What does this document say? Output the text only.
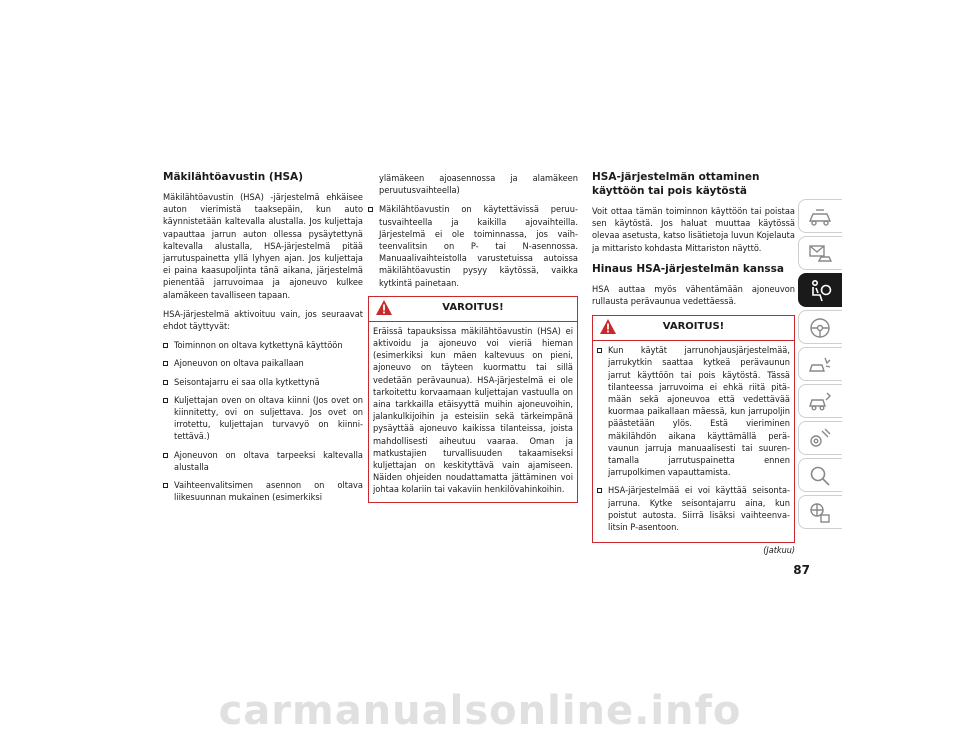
Mäkilähtöavustin (HSA)

Mäkilähtöavustin (HSA) -järjestelmä ehkäisee auton vierimistä taaksepäin, kun auto käynnistetään kaltevalla alustalla. Jos kuljettaja vapauttaa jarrun auton ollessa pysäytettynä kaltevalla alustalla, HSA-järjestelmä pitää jarrutuspainetta yllä lyhyen ajan. Jos kuljettaja ei paina kaasupoljinta tänä aikana, järjestelmä pienentää jarruvoimaa ja ajoneuvo kulkee alamäkeen tavalliseen tapaan.

HSA-järjestelmä aktivoituu vain, jos seuraavat ehdot täyttyvät:

Toiminnon on oltava kytkettynä käyttöön
Ajoneuvon on oltava paikallaan
Seisontajarru ei saa olla kytkettynä
Kuljettajan oven on oltava kiinni (Jos ovet on kiinnitetty, ovi on suljettava. Jos ovet on irrotettu, kuljettajan turvavyö on kiinnitettävä.)
Ajoneuvon on oltava tarpeeksi kaltevalla alustalla
Vaihteenvalitsimen asennon on oltava liikesuunnan mukainen (esimerkiksi

ylämäkeen ajoasennossa ja alamäkeen peruutusvaihteella)

Mäkilähtöavustin on käytettävissä peruutusvaihteella ja kaikilla ajovaihteilla. Järjestelmä ei ole toiminnassa, jos vaihteenvalitsin on P- tai N-asennossa. Manuaalivaihteistolla varustetuissa autoissa mäkilähtöavustin pysyy käytössä, vaikka kytkintä painetaan.
VAROITUS!

Eräissä tapauksissa mäkilähtöavustin (HSA) ei aktivoidu ja ajoneuvo voi vieriä hieman (esimerkiksi kun mäen kaltevuus on pieni, ajoneuvo on täyteen kuormattu tai sillä vedetään perävaunua). HSA-järjestelmä ei ole tarkoitettu korvaamaan kuljettajan vastuulla on aina tarkkailla etäisyyttä muihin ajoneuvoihin, jalankulkijoihin ja esteisiin sekä tärkeimpänä pysäyttää ajoneuvo kaikissa tilanteissa, joista mahdollisesti aiheutuu vaaraa. Oman ja matkustajien turvallisuuden takaamiseksi kuljettajan on keskityttävä vain ajamiseen. Näiden ohjeiden noudattamatta jättäminen voi johtaa kolariin tai vakaviin henkilövahinkoihin.

HSA-järjestelmän ottaminen käyttöön tai pois käytöstä

Voit ottaa tämän toiminnon käyttöön tai poistaa sen käytöstä. Jos haluat muuttaa käytössä olevaa asetusta, katso lisätietoja luvun Kojelauta ja mittaristo kohdasta Mittariston näyttö.

Hinaus HSA-järjestelmän kanssa

HSA auttaa myös vähentämään ajoneuvon rullausta perävaunua vedettäessä.

VAROITUS!
Kun käytät jarrunohjausjärjestelmää, jarrukytkin saattaa kytkeä perävaunun jarrut käyttöön tai pois käytöstä. Tässä tilanteessa jarruvoima ei ehkä riitä pitämään sekä ajoneuvoa että vedettävää kuormaa paikallaan mäessä, kun jarrupoljin päästetään ylös. Estä vieriminen mäkilähdön aikana käyttämällä perävaunun jarruja manuaalisesti tai suurentamalla jarrutuspainetta ennen jarrupolkimen vapauttamista.
HSA-järjestelmää ei voi käyttää seisontajarruna. Kytke seisontajarru aina, kun poistut autosta. Siirrä lisäksi vaihteenvalitsin P-asentoon.
(Jatkuu)
87
carmanualsonline.info
